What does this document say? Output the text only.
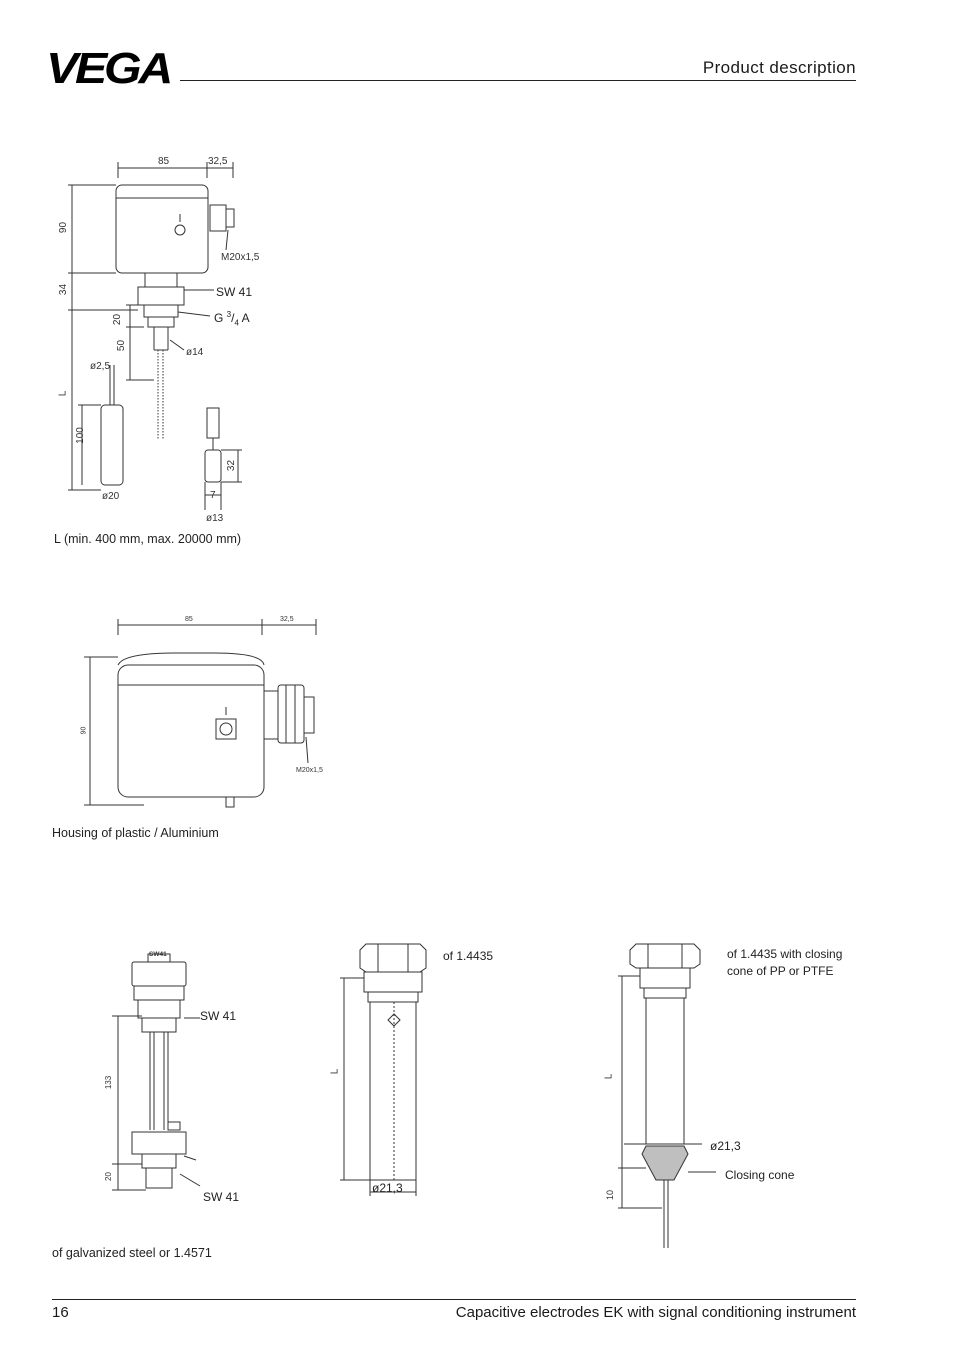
VEGA	Product description
85	32,5
90
34
20
50
L
100
ø2,5
ø14
ø20
32
7
ø13
M20x1,5
SW 41
G $^3/_4$ A
L (min. 400 mm, max. 20000 mm)
85	32,5
90
M20x1,5
Housing of plastic / Aluminium
SW41
133
20
SW 41
SW 41
of galvanized steel or 1.4571
L
ø21,3
of 1.4435
L
10
ø21,3
Closing cone
of 1.4435 with closing cone of PP or PTFE
16	Capacitive electrodes EK with signal conditioning instrument
